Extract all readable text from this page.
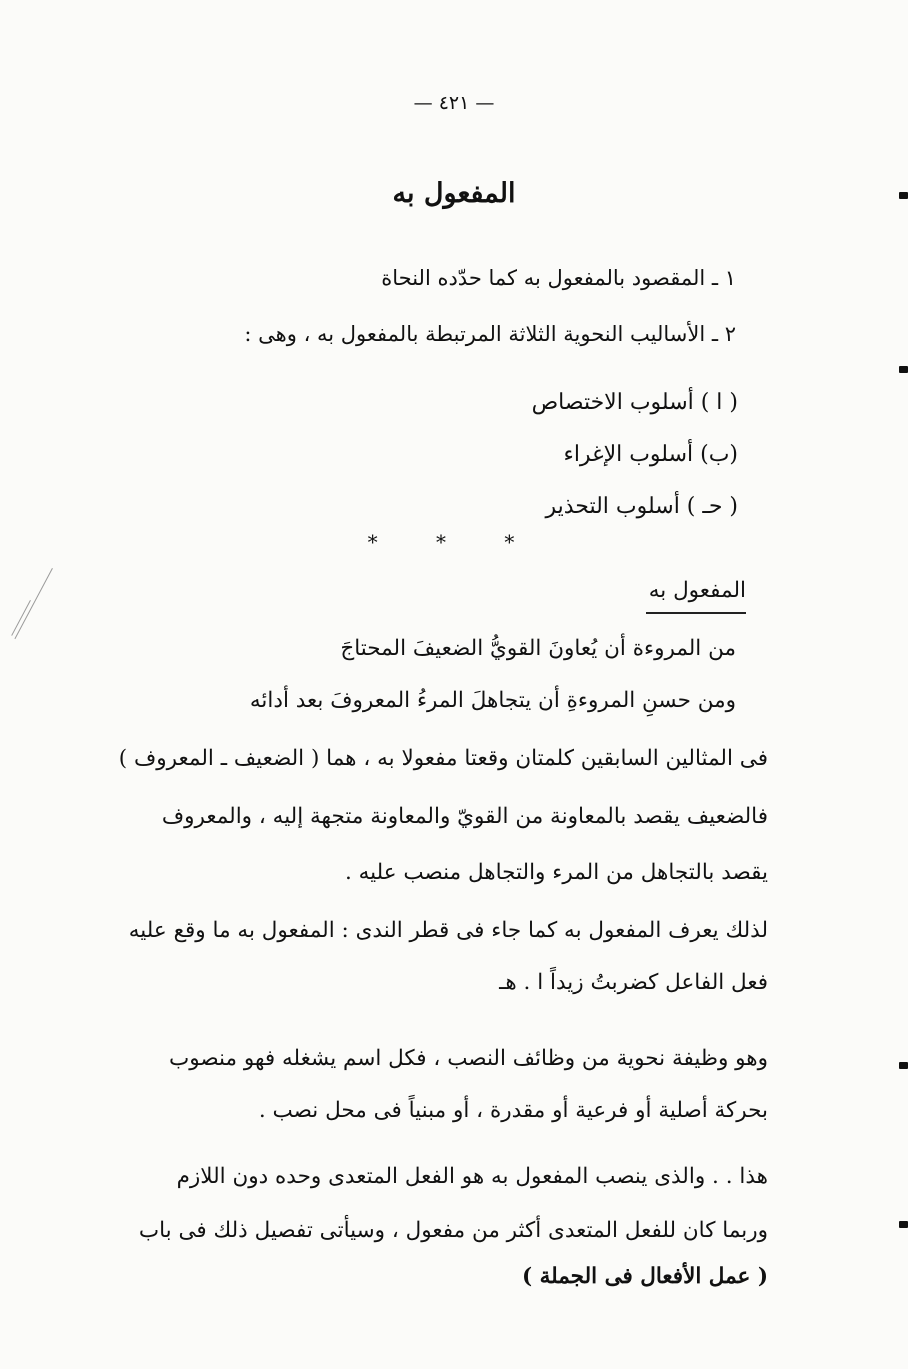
— ٤٢١ —
المفعول به
١ ـ المقصود بالمفعول به كما حدّده النحاة
٢ ـ الأساليب النحوية الثلاثة المرتبطة بالمفعول به ، وهى :
( ا ) أسلوب الاختصاص
(ب) أسلوب الإغراء
( حـ ) أسلوب التحذير
* * *
المفعول به
من المروءة أن يُعاونَ القويُّ الضعيفَ المحتاجَ
ومن حسنِ المروءةِ أن يتجاهلَ المرءُ المعروفَ بعد أدائه
فى المثالين السابقين كلمتان وقعتا مفعولا به ، هما ( الضعيف ـ المعروف )
فالضعيف يقصد بالمعاونة من القويّ والمعاونة متجهة إليه ، والمعروف
يقصد بالتجاهل من المرء والتجاهل منصب عليه .
لذلك يعرف المفعول به كما جاء فى قطر الندى : المفعول به ما وقع عليه
فعل الفاعل كضربتُ زيداً ا . هـ
وهو وظيفة نحوية من وظائف النصب ، فكل اسم يشغله فهو منصوب
بحركة أصلية أو فرعية أو مقدرة ، أو مبنياً فى محل نصب .
هذا . . والذى ينصب المفعول به هو الفعل المتعدى وحده دون اللازم
وربما كان للفعل المتعدى أكثر من مفعول ، وسيأتى تفصيل ذلك فى باب
( عمل الأفعال فى الجملة )
